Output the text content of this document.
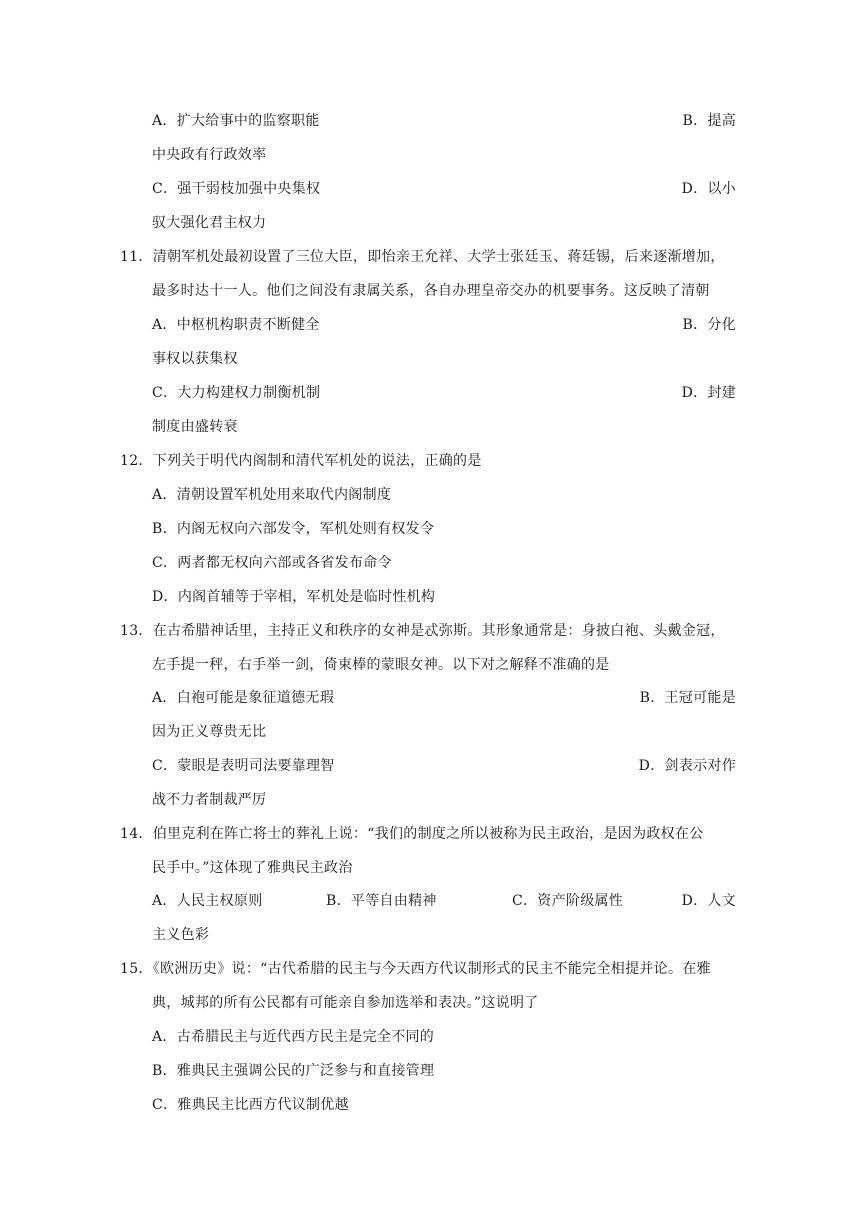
A．扩大给事中的监察职能	B．提高
中央政有行政效率
C．强干弱枝加强中央集权	D．以小
驭大强化君主权力
11．清朝军机处最初设置了三位大臣，即怡亲王允祥、大学士张廷玉、蒋廷锡，后来逐渐增加，
最多时达十一人。他们之间没有隶属关系，各自办理皇帝交办的机要事务。这反映了清朝
A．中枢机构职责不断健全	B．分化
事权以获集权
C．大力构建权力制衡机制	D．封建
制度由盛转衰
12．下列关于明代内阁制和清代军机处的说法，正确的是
A．清朝设置军机处用来取代内阁制度
B．内阁无权向六部发令，军机处则有权发令
C．两者都无权向六部或各省发布命令
D．内阁首辅等于宰相，军机处是临时性机构
13．在古希腊神话里，主持正义和秩序的女神是忒弥斯。其形象通常是：身披白袍、头戴金冠，
左手提一秤，右手举一剑，倚束棒的蒙眼女神。以下对之解释不准确的是
A．白袍可能是象征道德无瑕	B．王冠可能是
因为正义尊贵无比
C．蒙眼是表明司法要靠理智	D．剑表示对作
战不力者制裁严厉
14．伯里克利在阵亡将士的葬礼上说：“我们的制度之所以被称为民主政治，是因为政权在公
民手中。”这体现了雅典民主政治
A．人民主权原则	B．平等自由精神	C．资产阶级属性	D．人文
主义色彩
15．《欧洲历史》说：“古代希腊的民主与今天西方代议制形式的民主不能完全相提并论。在雅
典，城邦的所有公民都有可能亲自参加选举和表决。”这说明了
A．古希腊民主与近代西方民主是完全不同的
B．雅典民主强调公民的广泛参与和直接管理
C．雅典民主比西方代议制优越
